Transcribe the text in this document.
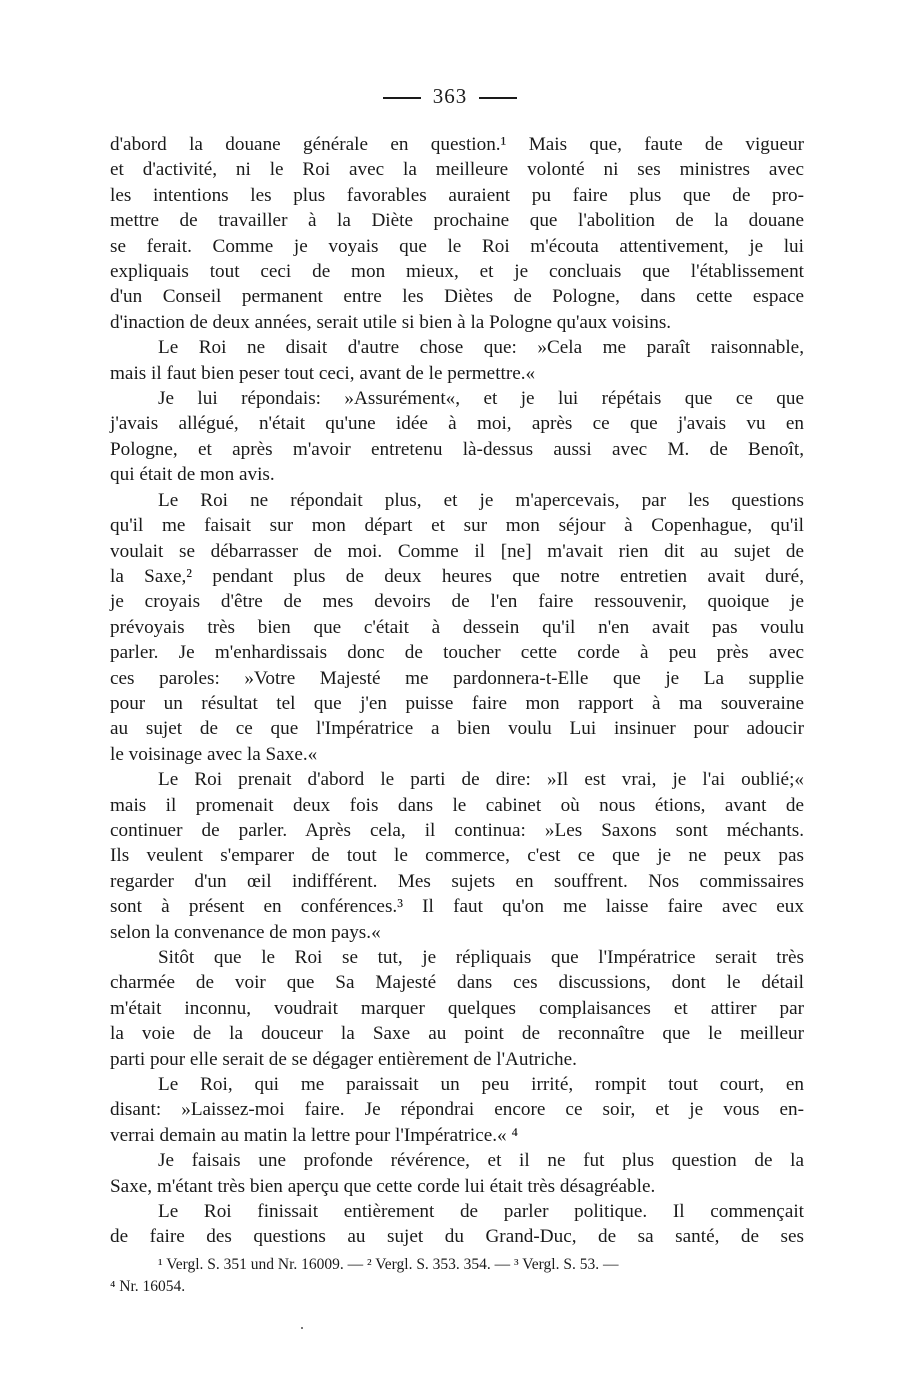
363

d'abord la douane générale en question.¹ Mais que, faute de vigueur
et d'activité, ni le Roi avec la meilleure volonté ni ses ministres avec
les intentions les plus favorables auraient pu faire plus que de pro-
mettre de travailler à la Diète prochaine que l'abolition de la douane
se ferait. Comme je voyais que le Roi m'écouta attentivement, je lui
expliquais tout ceci de mon mieux, et je concluais que l'établissement
d'un Conseil permanent entre les Diètes de Pologne, dans cette espace
d'inaction de deux années, serait utile si bien à la Pologne qu'aux voisins.

Le Roi ne disait d'autre chose que: »Cela me paraît raisonnable,
mais il faut bien peser tout ceci, avant de le permettre.«

Je lui répondais: »Assurément«, et je lui répétais que ce que
j'avais allégué, n'était qu'une idée à moi, après ce que j'avais vu en
Pologne, et après m'avoir entretenu là-dessus aussi avec M. de Benoît,
qui était de mon avis.

Le Roi ne répondait plus, et je m'apercevais, par les questions
qu'il me faisait sur mon départ et sur mon séjour à Copenhague, qu'il
voulait se débarrasser de moi. Comme il [ne] m'avait rien dit au sujet de
la Saxe,² pendant plus de deux heures que notre entretien avait duré,
je croyais d'être de mes devoirs de l'en faire ressouvenir, quoique je
prévoyais très bien que c'était à dessein qu'il n'en avait pas voulu
parler. Je m'enhardissais donc de toucher cette corde à peu près avec
ces paroles: »Votre Majesté me pardonnera-t-Elle que je La supplie
pour un résultat tel que j'en puisse faire mon rapport à ma souveraine
au sujet de ce que l'Impératrice a bien voulu Lui insinuer pour adoucir
le voisinage avec la Saxe.«

Le Roi prenait d'abord le parti de dire: »Il est vrai, je l'ai oublié;«
mais il promenait deux fois dans le cabinet où nous étions, avant de
continuer de parler. Après cela, il continua: »Les Saxons sont méchants.
Ils veulent s'emparer de tout le commerce, c'est ce que je ne peux pas
regarder d'un œil indifférent. Mes sujets en souffrent. Nos commissaires
sont à présent en conférences.³ Il faut qu'on me laisse faire avec eux
selon la convenance de mon pays.«

Sitôt que le Roi se tut, je répliquais que l'Impératrice serait très
charmée de voir que Sa Majesté dans ces discussions, dont le détail
m'était inconnu, voudrait marquer quelques complaisances et attirer par
la voie de la douceur la Saxe au point de reconnaître que le meilleur
parti pour elle serait de se dégager entièrement de l'Autriche.

Le Roi, qui me paraissait un peu irrité, rompit tout court, en
disant: »Laissez-moi faire. Je répondrai encore ce soir, et je vous en-
verrai demain au matin la lettre pour l'Impératrice.« ⁴

Je faisais une profonde révérence, et il ne fut plus question de la
Saxe, m'étant très bien aperçu que cette corde lui était très désagréable.

Le Roi finissait entièrement de parler politique. Il commençait
de faire des questions au sujet du Grand-Duc, de sa santé, de ses

¹ Vergl. S. 351 und Nr. 16009. — ² Vergl. S. 353. 354. — ³ Vergl. S. 53. —
⁴ Nr. 16054.
